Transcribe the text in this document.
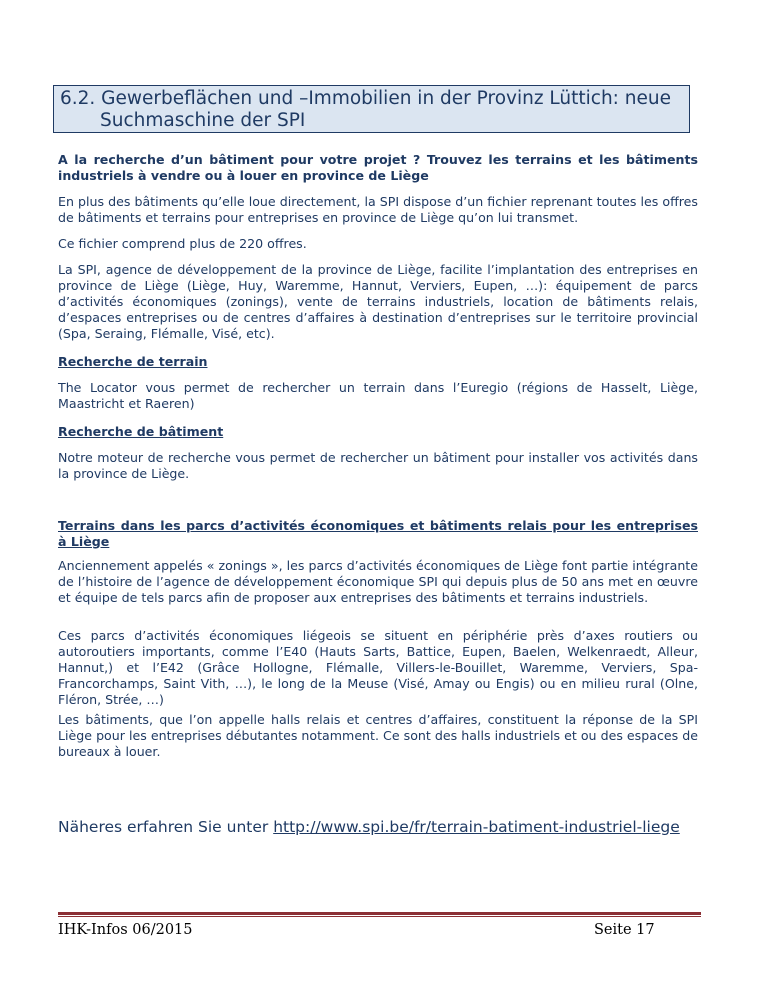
6.2. Gewerbeflächen und –Immobilien in der Provinz Lüttich: neue
Suchmaschine der SPI

A la recherche d’un bâtiment pour votre projet ? Trouvez les terrains et les bâtiments industriels à vendre ou à louer en province de Liège

En plus des bâtiments qu’elle loue directement, la SPI dispose d’un fichier reprenant toutes les offres de bâtiments et terrains pour entreprises en province de Liège qu’on lui transmet.

Ce fichier comprend plus de 220 offres.

La SPI, agence de développement de la province de Liège, facilite l’implantation des entreprises en province de Liège (Liège, Huy, Waremme, Hannut, Verviers, Eupen, …): équipement de parcs d’activités économiques (zonings), vente de terrains industriels, location de bâtiments relais, d’espaces entreprises ou de centres d’affaires à destination d’entreprises sur le territoire provincial (Spa, Seraing, Flémalle, Visé, etc).

Recherche de terrain

The Locator vous permet de rechercher un terrain dans l’Euregio (régions de Hasselt, Liège, Maastricht et Raeren)

Recherche de bâtiment

Notre moteur de recherche vous permet de rechercher un bâtiment pour installer vos activités dans la province de Liège.

Terrains dans les parcs d’activités économiques et bâtiments relais pour les entreprises à Liège

Anciennement appelés « zonings », les parcs d’activités économiques de Liège font partie intégrante de l’histoire de l’agence de développement économique SPI qui depuis plus de 50 ans met en œuvre et équipe de tels parcs afin de proposer aux entreprises des bâtiments et terrains industriels.

Ces parcs d’activités économiques liégeois se situent en périphérie près d’axes routiers ou autoroutiers importants, comme l’E40 (Hauts Sarts, Battice, Eupen, Baelen, Welkenraedt, Alleur, Hannut,) et l’E42 (Grâce Hollogne, Flémalle, Villers-le-Bouillet, Waremme, Verviers, Spa-Francorchamps, Saint Vith, …), le long de la Meuse (Visé, Amay ou Engis) ou en milieu rural (Olne, Fléron, Strée, …)

Les bâtiments, que l’on appelle halls relais et centres d’affaires, constituent la réponse de la SPI Liège pour les entreprises débutantes notamment. Ce sont des halls industriels et ou des espaces de bureaux à louer.

Näheres erfahren Sie unter http://www.spi.be/fr/terrain-batiment-industriel-liege
IHK-Infos 06/2015	Seite 17
